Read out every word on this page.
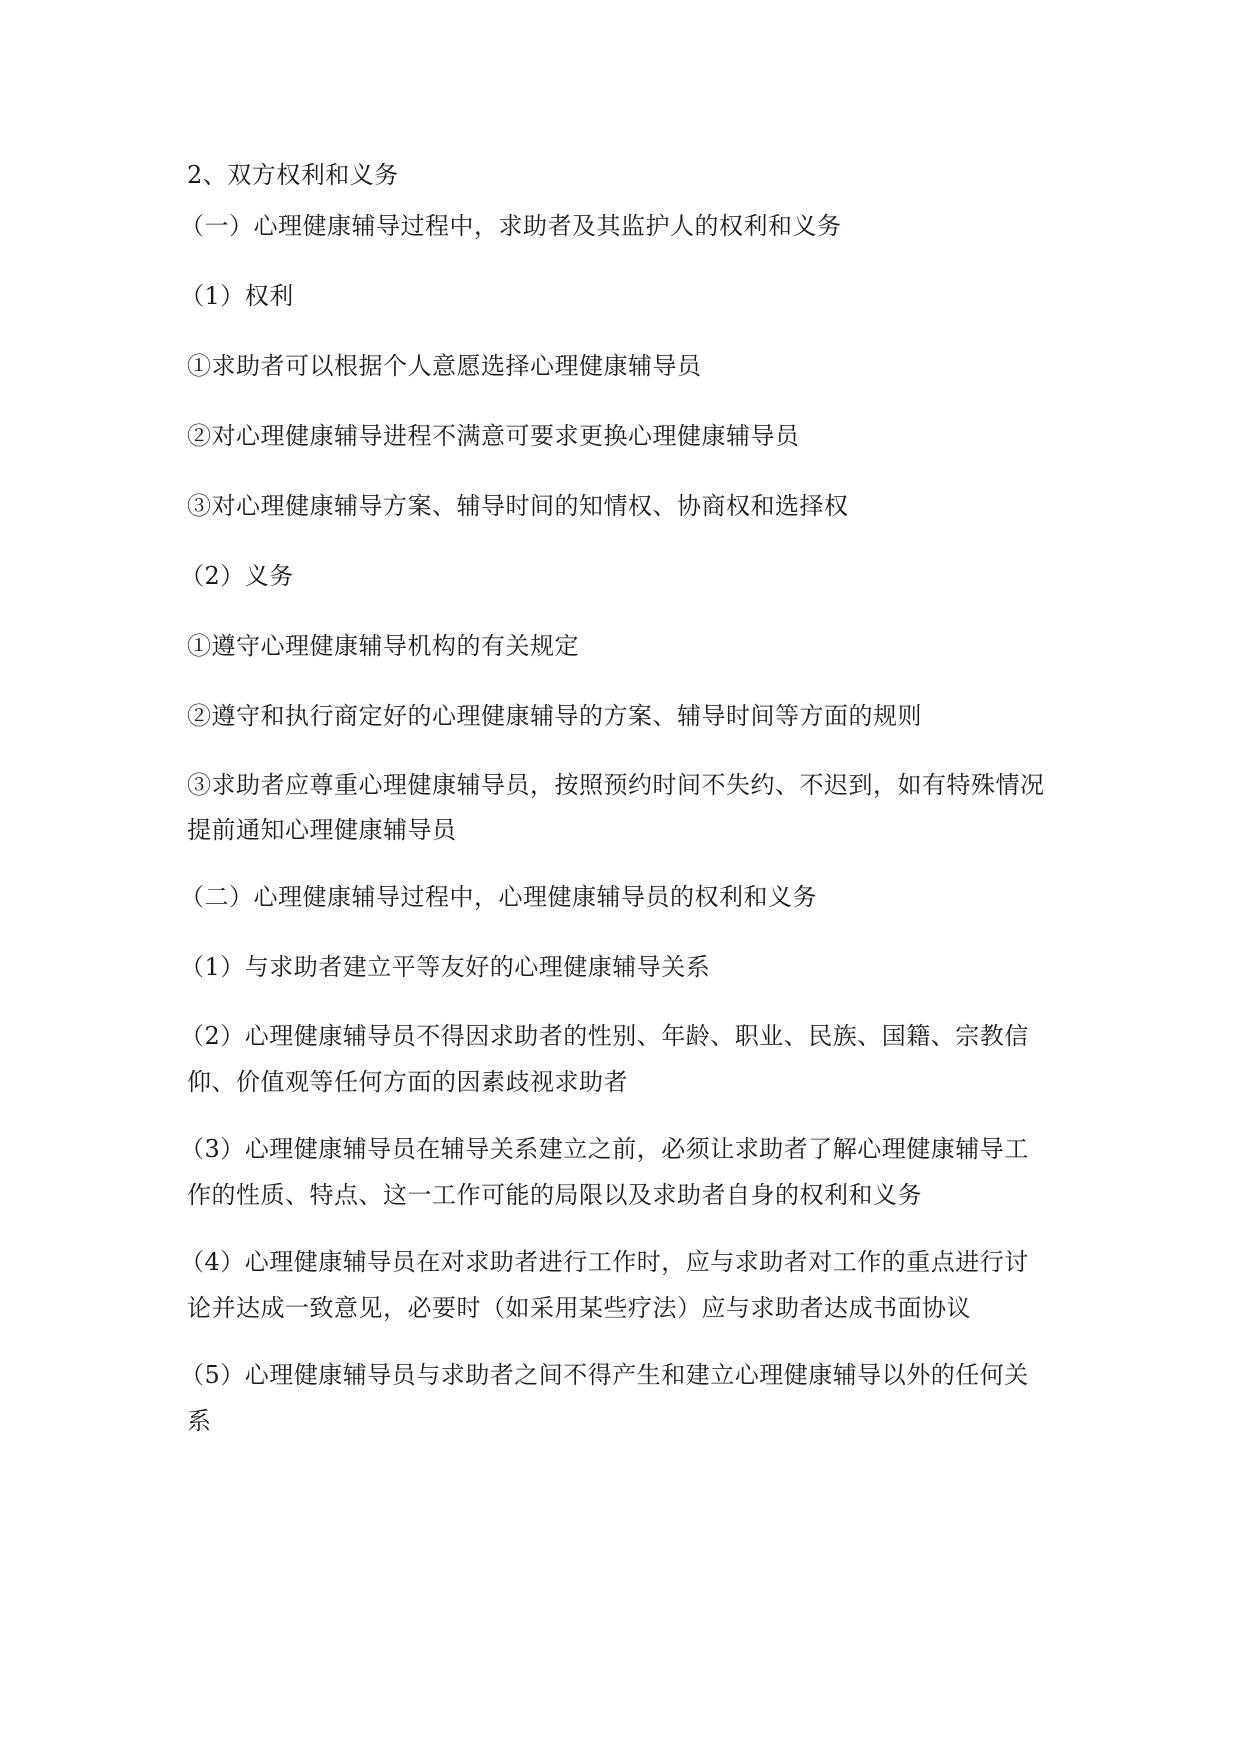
2、双方权利和义务
（一）心理健康辅导过程中，求助者及其监护人的权利和义务
（1）权利
①求助者可以根据个人意愿选择心理健康辅导员
②对心理健康辅导进程不满意可要求更换心理健康辅导员
③对心理健康辅导方案、辅导时间的知情权、协商权和选择权
（2）义务
①遵守心理健康辅导机构的有关规定
②遵守和执行商定好的心理健康辅导的方案、辅导时间等方面的规则
③求助者应尊重心理健康辅导员，按照预约时间不失约、不迟到，如有特殊情况
提前通知心理健康辅导员
（二）心理健康辅导过程中，心理健康辅导员的权利和义务
（1）与求助者建立平等友好的心理健康辅导关系
（2）心理健康辅导员不得因求助者的性别、年龄、职业、民族、国籍、宗教信
仰、价值观等任何方面的因素歧视求助者
（3）心理健康辅导员在辅导关系建立之前，必须让求助者了解心理健康辅导工
作的性质、特点、这一工作可能的局限以及求助者自身的权利和义务
（4）心理健康辅导员在对求助者进行工作时，应与求助者对工作的重点进行讨
论并达成一致意见，必要时（如采用某些疗法）应与求助者达成书面协议
（5）心理健康辅导员与求助者之间不得产生和建立心理健康辅导以外的任何关
系
